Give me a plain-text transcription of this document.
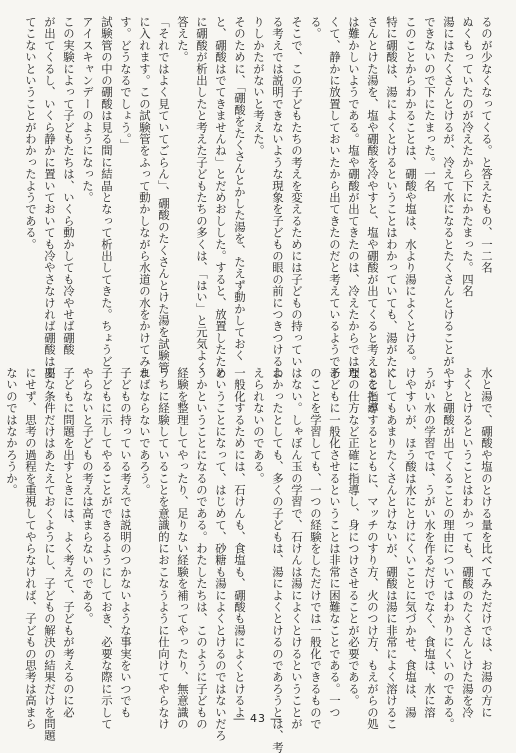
るのが少なくなってくる。と答えたもの、一二名
ぬくもっていたのが冷えたから下にかたまった。四名
湯にはたくさんとけるが、冷えて水になるとたくさんとけることが
できないので下にたまった。一名
このことからわかることは、硼酸や塩は、水より湯によくとける。
特に硼酸は、湯によくとけるということはわかっていても、湯がたく
さんとけた湯を、塩や硼酸を冷やすと、塩や硼酸が出てくると考えることが
は難かしいようである。塩や硼酸が出てきたのは、冷えたからではな
くて、静かに放置しておいたから出てきたのだと考えているようであ
る。
そこで、この子どもたちの考えを変えるためには子どもの持ってい
る考えでは説明できないような現象を子どもの眼の前につきつけるよ
りしかたがないと考えた。
そのために、「硼酸をたくさんとかした湯を、たえず動かしておく
と、硼酸はでてきませんね」とだめおしした。すると、放置したため
に硼酸が析出したと考えた子どもたちの多くは、「はい」と元気よく
答えた。
「それではよく見ていてごらん」、硼酸のたくさんとけた湯を試験管
に入れます。この試験管をふって動かしながら水道の水をかけてみま
す。どうなるでしょう。」
試験管の中の硼酸は見る間に結晶となって析出してきた。ちょうど
アイスキャンデーのようになった。
この実験によって子どもたちは、いくら動かしても冷やせば硼酸
が出てくるし、いくら静かに置いておいても冷やさなければ硼酸は出
てこないということがわかったようである。
水と湯で、硼酸や塩のとける量を比べてみただけでは、お湯の方に
よくとけるということはわかっても、硼酸のたくさんとけた湯を冷
やすと硼酸が出てくることの理由についてはわかりにくいのである。
うがい水の学習では、うがい水を作るだけでなく、食塩は、水に溶
けやすいが、ほう酸は水にとけにくいことに気づかせ、食塩は、湯
にしてもあまりたくさんとけないが、硼酸は湯に非常によく溶けるこ
とを指導するとともに、マッチのすり方、火のつけ方、もえがらの処
理の仕方など正確に指導し、身につけさせることが必要である。
子どもに一般化させるということは非常に困難なことである。一つ
のことを学習しても、一つの経験をしただけでは一般化できるもので
はない。しゃぼん玉の学習で、石けんは湯によくとけるということが
わかったとしても、多くの子どもは、湯によくとけるのであろうとは、考
えられないのである。
一般化するためには、石けんも、食塩も、硼酸も湯によくとけるよ
ということになって、はじめて、砂糖も湯によくとけるのではないだろ
うかということになるのである。わたしたちは、このように子どもの
経験を整理してやったり、足りない経験を補ってやったり、無意識の
うちに経験していることを意識的におこなうように仕向けてやらなけ
ればならないであろう。
子どもの持っている考えでは説明のつかないような事実をいつでも
子どもに示してやることができるようにしておき、必要な際に示して
やらないと子どもの考えは高まらないのである。
子どもに問題を出すときには、よく考えて、子どもが考えるのに必
要な条件だけはあたえておくようにし、子どもの解決の結果だけを問題
にせず、思考の過程を重視してやらなければ、子どもの思考は高まら
ないのではなかろうか。
― 43 ―
